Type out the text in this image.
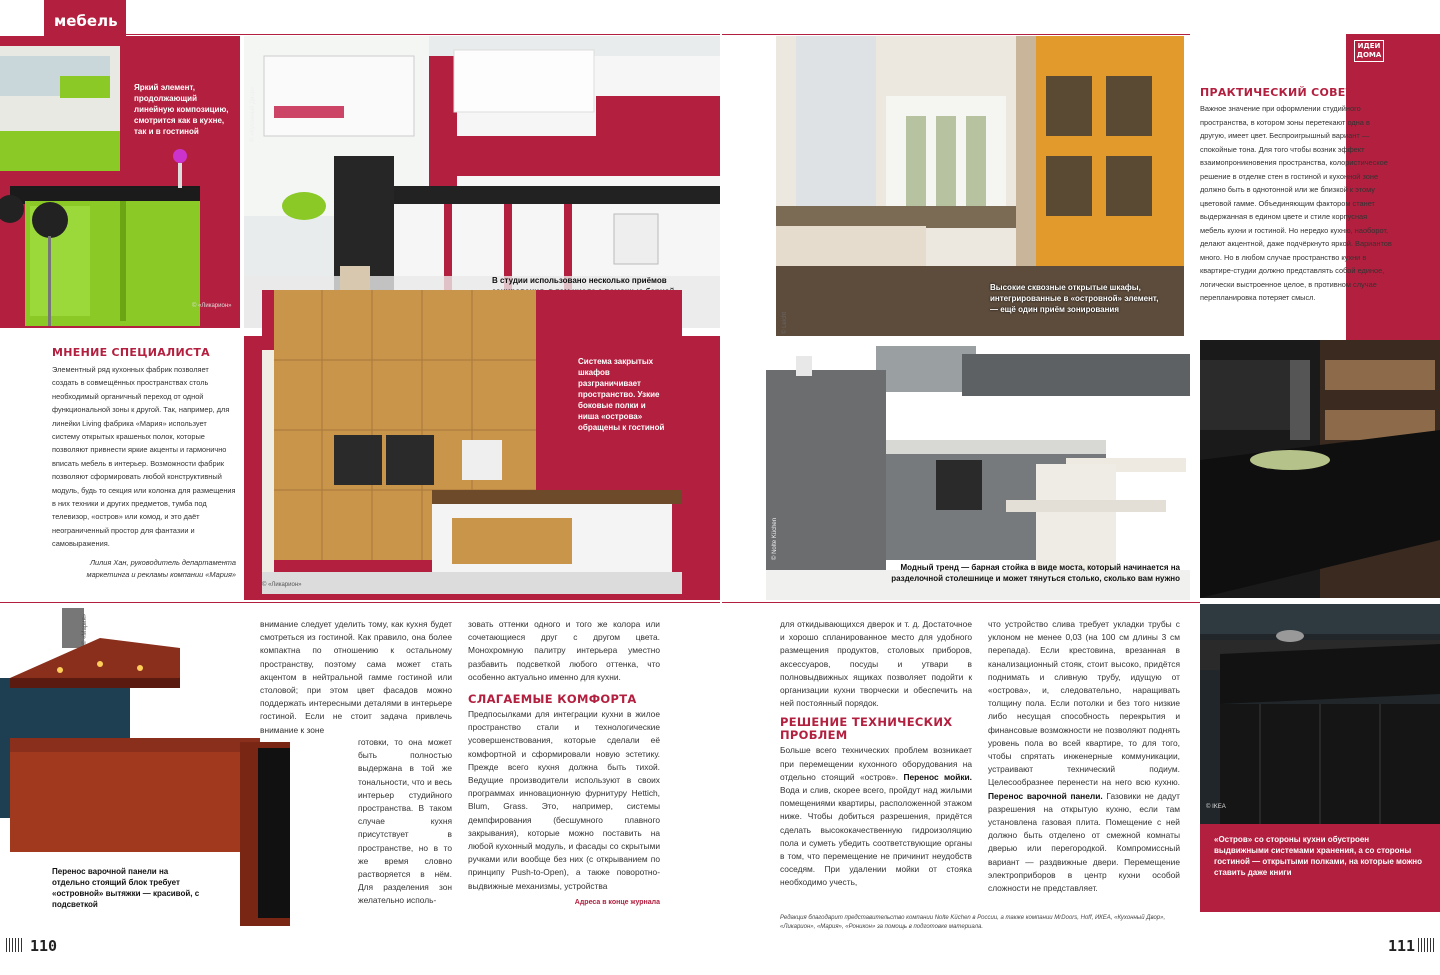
мебель
Яркий элемент, продолжающий линейную композицию, смотрится как в кухне, так и в гостиной
© «Ликарион»
© «Кухонный Двор»
В студии использовано несколько приёмов
МНЕНИЕ СПЕЦИАЛИСТА

Элементный ряд кухонных фабрик позволяет создать в совмещённых пространствах столь необходимый органичный переход от одной функциональной зоны к другой. Так, например, для линейки Living фабрика «Мария» использует систему открытых крашеных полок, которые позволяют привнести яркие акценты и гармонично вписать мебель в интерьер. Возможности фабрик позволяют сформировать любой конструктивный модуль, будь то секция или колонка для размещения в них техники и других предметов, тумба под телевизор, «остров» или комод, и это даёт неограниченный простор для фантазии и самовыражения.

Лилия Хан, руководитель департамента маркетинга и рекламы компании «Мария»

Система закрытых шкафов разграничивает пространство. Узкие боковые полки и ниша «острова» обращены к гостиной
© «Ликарион»
© «Мария»
Перенос варочной панели на отдельно стоящий блок требует «островной» вытяжки — красивой, с подсветкой

внимание следует уделить тому, как кухня будет смотреться из гостиной. Как правило, она более компактна по отношению к остальному пространству, поэтому сама может стать акцентом в нейтральной гамме гостиной или столовой; при этом цвет фасадов можно поддержать интересными деталями в интерьере гостиной. Если не стоит задача привлечь внимание к зоне

готовки, то она может быть полностью выдержана в той же тональности, что и весь интерьер студийного пространства. В таком случае кухня присутствует в пространстве, но в то же время словно растворяется в нём. Для разделения зон желательно исполь-

зовать оттенки одного и того же колора или сочетающиеся друг с другом цвета. Монохромную палитру интерьера уместно разбавить подсветкой любого оттенка, что особенно актуально именно для кухни.

СЛАГАЕМЫЕ КОМФОРТА

Предпосылками для интеграции кухни в жилое пространство стали и технологические усовершенствования, которые сделали её комфортной и сформировали новую эстетику. Прежде всего кухня должна быть тихой. Ведущие производители используют в своих программах инновационную фурнитуру Hettich, Blum, Grass. Это, например, системы демпфирования (бесшумного плавного закрывания), которые можно поставить на любой кухонный модуль, и фасады со скрытыми ручками или вообще без них (с открыванием по принципу Push-to-Open), а также поворотно-выдвижные механизмы, устройства

Адреса в конце журнала

110
ИДЕИ
ДОМА
© Leicht
Высокие сквозные открытые шкафы, интегрированные в «островной» элемент, — ещё один приём зонирования
ПРАКТИЧЕСКИЙ СОВЕТ

Важное значение при оформлении студийного пространства, в котором зоны перетекают одна в другую, имеет цвет. Беспроигрышный вариант — спокойные тона. Для того чтобы возник эффект взаимопроникновения пространства, колористическое решение в отделке стен в гостиной и кухонной зоне должно быть в однотонной или же близкой к этому цветовой гамме. Объединяющим фактором станет выдержанная в едином цвете и стиле корпусная мебель кухни и гостиной. Но нередко кухню, наоборот, делают акцентной, даже подчёркнуто яркой. Вариантов много. Но в любом случае пространство кухни в квартире-студии должно представлять собой единое, логически выстроенное целое, в противном случае перепланировка потеряет смысл.

© Nolte Küchen
Модный тренд — барная стойка в виде моста, который начинается на разделочной столешнице и может тянуться столько, сколько вам нужно
© IKEA
«Остров» со стороны кухни обустроен выдвижными системами хранения, а со стороны гостиной — открытыми полками, на которые можно ставить даже книги

для откидывающихся дверок и т. д. Достаточное и хорошо спланированное место для удобного размещения продуктов, столовых приборов, аксессуаров, посуды и утвари в полновыдвижных ящиках позволяет подойти к организации кухни творчески и обеспечить на ней постоянный порядок.

РЕШЕНИЕ ТЕХНИЧЕСКИХ ПРОБЛЕМ

Больше всего технических проблем возникает при перемещении кухонного оборудования на отдельно стоящий «остров». Перенос мойки. Вода и слив, скорее всего, пройдут над жилыми помещениями квартиры, расположенной этажом ниже. Чтобы добиться разрешения, придётся сделать высококачественную гидроизоляцию пола и суметь убедить соответствующие органы в том, что перемещение не причинит неудобств соседям. При удалении мойки от стояка необходимо учесть,

что устройство слива требует укладки трубы с уклоном не менее 0,03 (на 100 см длины 3 см перепада). Если крестовина, врезанная в канализационный стояк, стоит высоко, придётся поднимать и сливную трубу, идущую от «острова», и, следовательно, наращивать толщину пола. Если потолки и без того низкие либо несущая способность перекрытия и финансовые возможности не позволяют поднять уровень пола во всей квартире, то для того, чтобы спрятать инженерные коммуникации, устраивают технический подиум. Целесообразнее перенести на него всю кухню. Перенос варочной панели. Газовики не дадут разрешения на открытую кухню, если там установлена газовая плита. Помещение с ней должно быть отделено от смежной комнаты дверью или перегородкой. Компромиссный вариант — раздвижные двери. Перемещение электроприборов в центр кухни особой сложности не представляет.

Редакция благодарит представительство компании Nolte Küchen в России, а также компании MrDoors, Hoff, ИКЕА, «Кухонный Двор», «Ликарион», «Мария», «Роникон» за помощь в подготовке материала.

111
